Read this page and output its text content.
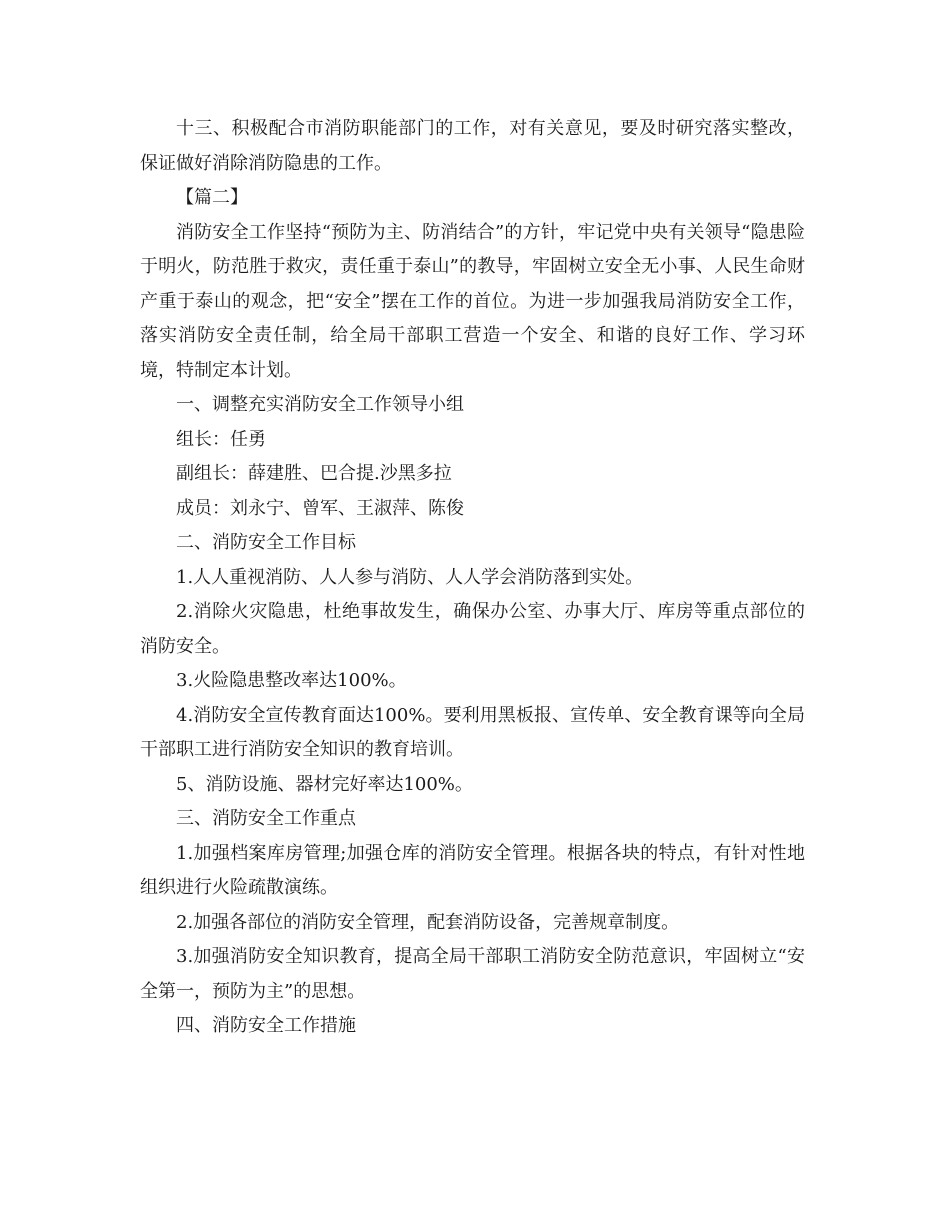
十三、积极配合市消防职能部门的工作，对有关意见，要及时研究落实整改，保证做好消除消防隐患的工作。

【篇二】

消防安全工作坚持“预防为主、防消结合”的方针，牢记党中央有关领导“隐患险于明火，防范胜于救灾，责任重于泰山”的教导，牢固树立安全无小事、人民生命财产重于泰山的观念，把“安全”摆在工作的首位。为进一步加强我局消防安全工作，落实消防安全责任制，给全局干部职工营造一个安全、和谐的良好工作、学习环境，特制定本计划。

一、调整充实消防安全工作领导小组

组长：任勇

副组长：薛建胜、巴合提.沙黑多拉

成员：刘永宁、曾军、王淑萍、陈俊

二、消防安全工作目标

1.人人重视消防、人人参与消防、人人学会消防落到实处。

2.消除火灾隐患，杜绝事故发生，确保办公室、办事大厅、库房等重点部位的消防安全。

3.火险隐患整改率达100%。

4.消防安全宣传教育面达100%。要利用黑板报、宣传单、安全教育课等向全局干部职工进行消防安全知识的教育培训。

5、消防设施、器材完好率达100%。

三、消防安全工作重点

1.加强档案库房管理;加强仓库的消防安全管理。根据各块的特点，有针对性地组织进行火险疏散演练。

2.加强各部位的消防安全管理，配套消防设备，完善规章制度。

3.加强消防安全知识教育，提高全局干部职工消防安全防范意识，牢固树立“安全第一，预防为主”的思想。

四、消防安全工作措施
